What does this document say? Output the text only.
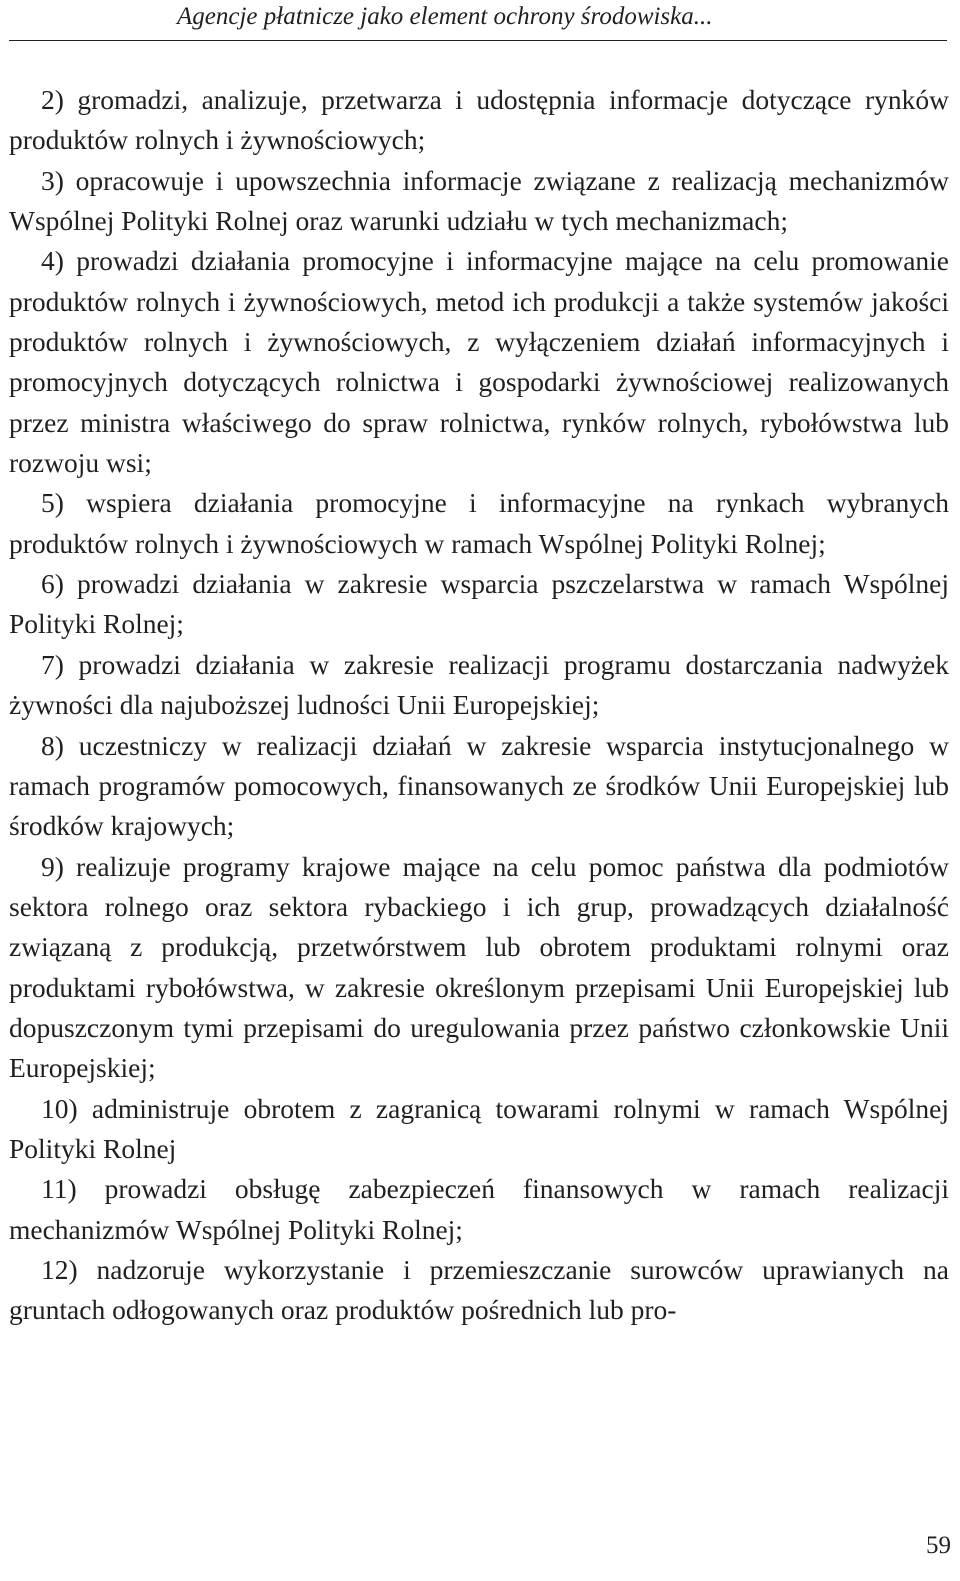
Agencje płatnicze jako element ochrony środowiska...

2) gromadzi, analizuje, przetwarza i udostępnia informacje dotyczące rynków produktów rolnych i żywnościowych;

3) opracowuje i upowszechnia informacje związane z realizacją mechanizmów Wspólnej Polityki Rolnej oraz warunki udziału w tych mechanizmach;

4) prowadzi działania promocyjne i informacyjne mające na celu promowanie produktów rolnych i żywnościowych, metod ich produkcji a także systemów jakości produktów rolnych i żywnościowych, z wyłączeniem działań informacyjnych i promocyjnych dotyczących rolnictwa i gospodarki żywnościowej realizowanych przez ministra właściwego do spraw rolnictwa, rynków rolnych, rybołówstwa lub rozwoju wsi;

5) wspiera działania promocyjne i informacyjne na rynkach wybranych produktów rolnych i żywnościowych w ramach Wspólnej Polityki Rolnej;

6) prowadzi działania w zakresie wsparcia pszczelarstwa w ramach Wspólnej Polityki Rolnej;

7) prowadzi działania w zakresie realizacji programu dostarczania nadwyżek żywności dla najuboższej ludności Unii Europejskiej;

8) uczestniczy w realizacji działań w zakresie wsparcia instytucjonalnego w ramach programów pomocowych, finansowanych ze środków Unii Europejskiej lub środków krajowych;

9) realizuje programy krajowe mające na celu pomoc państwa dla podmiotów sektora rolnego oraz sektora rybackiego i ich grup, prowadzących działalność związaną z produkcją, przetwórstwem lub obrotem produktami rolnymi oraz produktami rybołówstwa, w zakresie określonym przepisami Unii Europejskiej lub dopuszczonym tymi przepisami do uregulowania przez państwo członkowskie Unii Europejskiej;

10) administruje obrotem z zagranicą towarami rolnymi w ramach Wspólnej Polityki Rolnej

11) prowadzi obsługę zabezpieczeń finansowych w ramach realizacji mechanizmów Wspólnej Polityki Rolnej;

12) nadzoruje wykorzystanie i przemieszczanie surowców uprawianych na gruntach odłogowanych oraz produktów pośrednich lub pro-

59
